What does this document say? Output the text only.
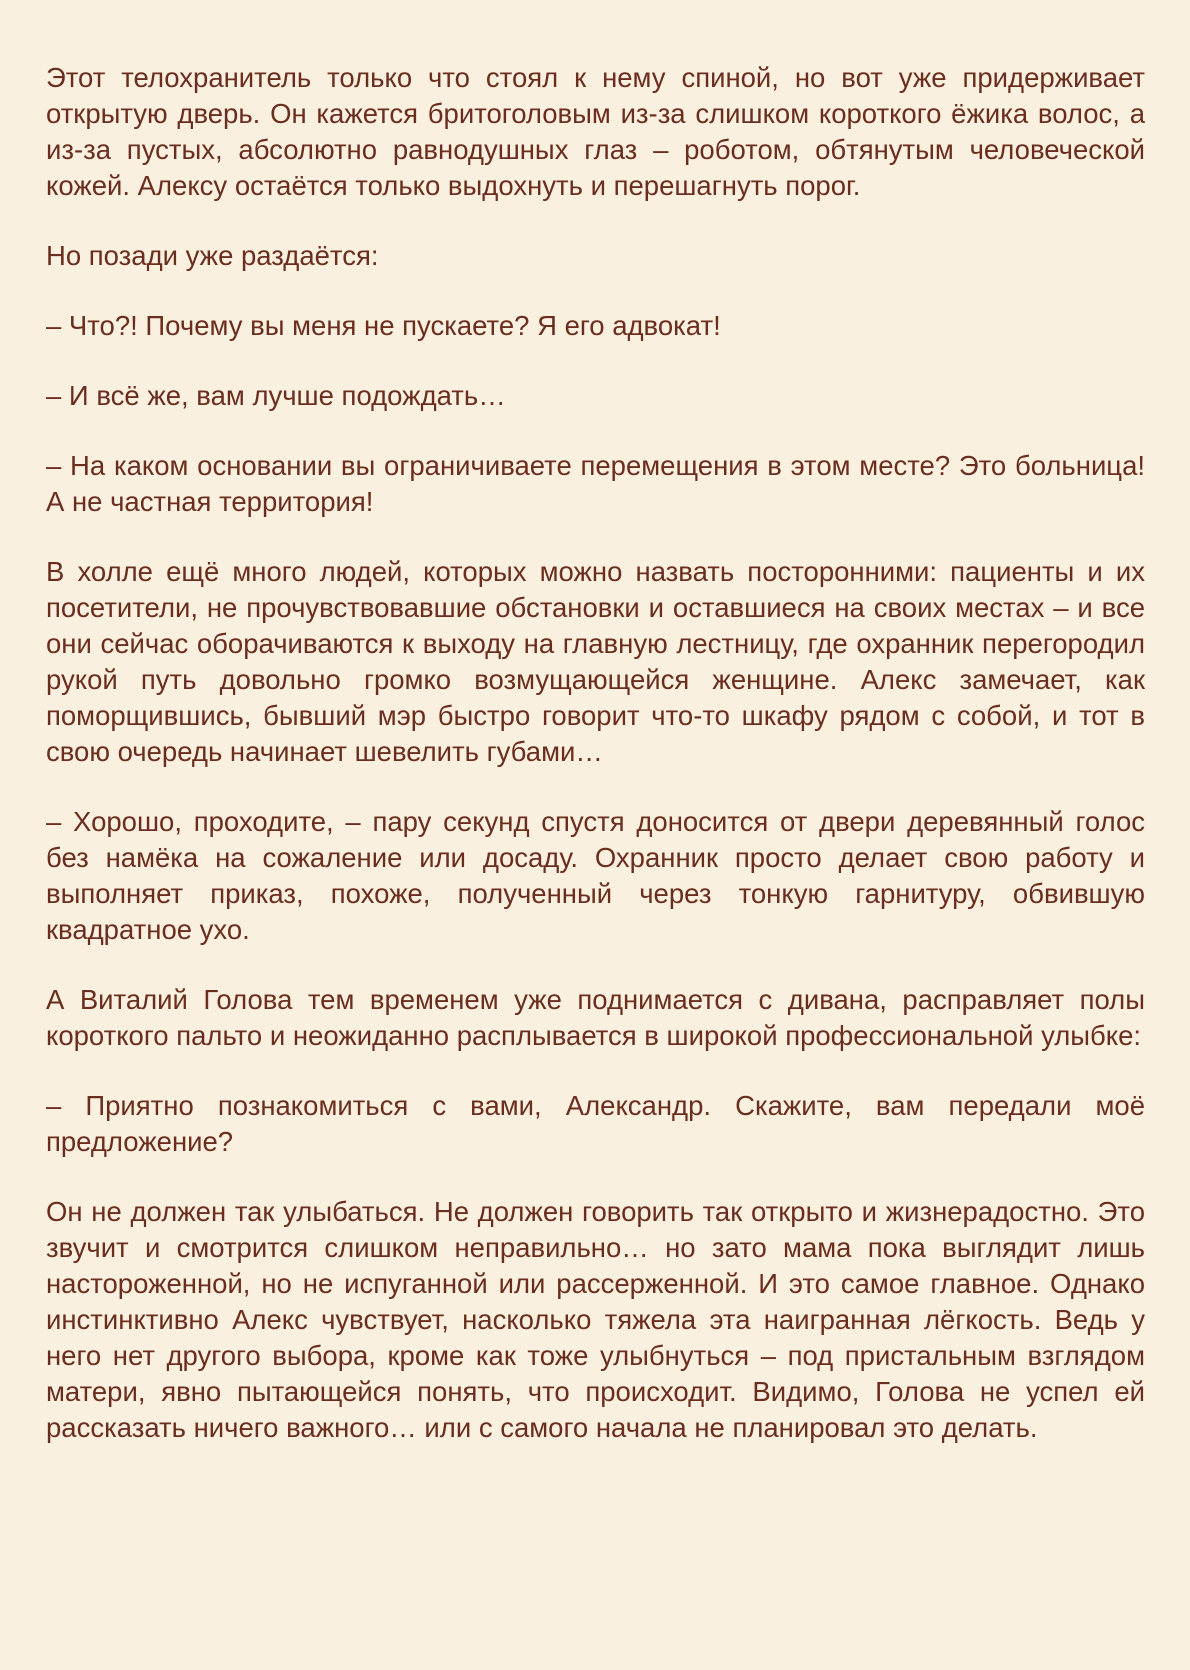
Этот телохранитель только что стоял к нему спиной, но вот уже придерживает открытую дверь. Он кажется бритоголовым из-за слишком короткого ёжика волос, а из-за пустых, абсолютно равнодушных глаз – роботом, обтянутым человеческой кожей. Алексу остаётся только выдохнуть и перешагнуть порог.

Но позади уже раздаётся:

– Что?! Почему вы меня не пускаете? Я его адвокат!

– И всё же, вам лучше подождать…

– На каком основании вы ограничиваете перемещения в этом месте? Это больница! А не частная территория!

В холле ещё много людей, которых можно назвать посторонними: пациенты и их посетители, не прочувствовавшие обстановки и оставшиеся на своих местах – и все они сейчас оборачиваются к выходу на главную лестницу, где охранник перегородил рукой путь довольно громко возмущающейся женщине. Алекс замечает, как поморщившись, бывший мэр быстро говорит что-то шкафу рядом с собой, и тот в свою очередь начинает шевелить губами…

– Хорошо, проходите, – пару секунд спустя доносится от двери деревянный голос без намёка на сожаление или досаду. Охранник просто делает свою работу и выполняет приказ, похоже, полученный через тонкую гарнитуру, обвившую квадратное ухо.

А Виталий Голова тем временем уже поднимается с дивана, расправляет полы короткого пальто и неожиданно расплывается в широкой профессиональной улыбке:

– Приятно познакомиться с вами, Александр. Скажите, вам передали моё предложение?

Он не должен так улыбаться. Не должен говорить так открыто и жизнерадостно. Это звучит и смотрится слишком неправильно… но зато мама пока выглядит лишь настороженной, но не испуганной или рассерженной. И это самое главное. Однако инстинктивно Алекс чувствует, насколько тяжела эта наигранная лёгкость. Ведь у него нет другого выбора, кроме как тоже улыбнуться – под пристальным взглядом матери, явно пытающейся понять, что происходит. Видимо, Голова не успел ей рассказать ничего важного… или с самого начала не планировал это делать.
